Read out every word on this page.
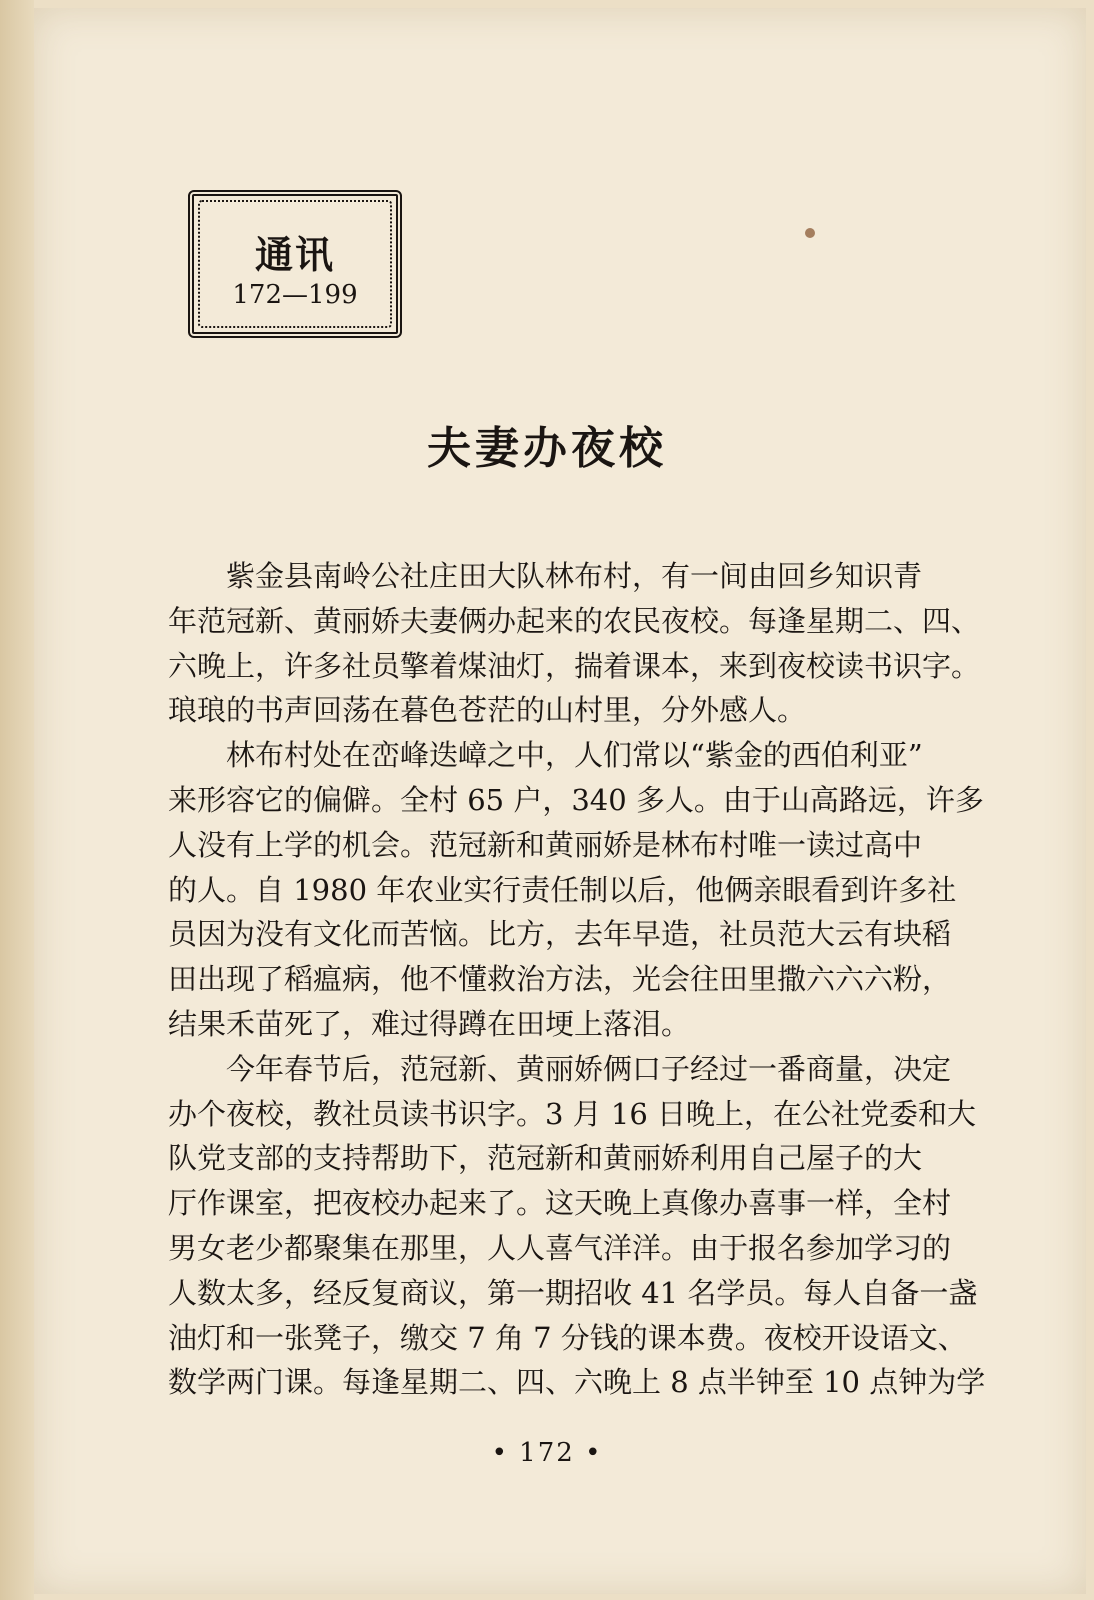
通讯
172—199
夫妻办夜校
　　紫金县南岭公社庄田大队林布村，有一间由回乡知识青
年范冠新、黄丽娇夫妻俩办起来的农民夜校。每逢星期二、四、
六晚上，许多社员擎着煤油灯，揣着课本，来到夜校读书识字。
琅琅的书声回荡在暮色苍茫的山村里，分外感人。
　　林布村处在峦峰迭嶂之中，人们常以“紫金的西伯利亚”
来形容它的偏僻。全村 65 户，340 多人。由于山高路远，许多
人没有上学的机会。范冠新和黄丽娇是林布村唯一读过高中
的人。自 1980 年农业实行责任制以后，他俩亲眼看到许多社
员因为没有文化而苦恼。比方，去年早造，社员范大云有块稻
田出现了稻瘟病，他不懂救治方法，光会往田里撒六六六粉，
结果禾苗死了，难过得蹲在田埂上落泪。
　　今年春节后，范冠新、黄丽娇俩口子经过一番商量，决定
办个夜校，教社员读书识字。3 月 16 日晚上，在公社党委和大
队党支部的支持帮助下，范冠新和黄丽娇利用自己屋子的大
厅作课室，把夜校办起来了。这天晚上真像办喜事一样，全村
男女老少都聚集在那里，人人喜气洋洋。由于报名参加学习的
人数太多，经反复商议，第一期招收 41 名学员。每人自备一盏
油灯和一张凳子，缴交 7 角 7 分钱的课本费。夜校开设语文、
数学两门课。每逢星期二、四、六晚上 8 点半钟至 10 点钟为学
• 172 •
